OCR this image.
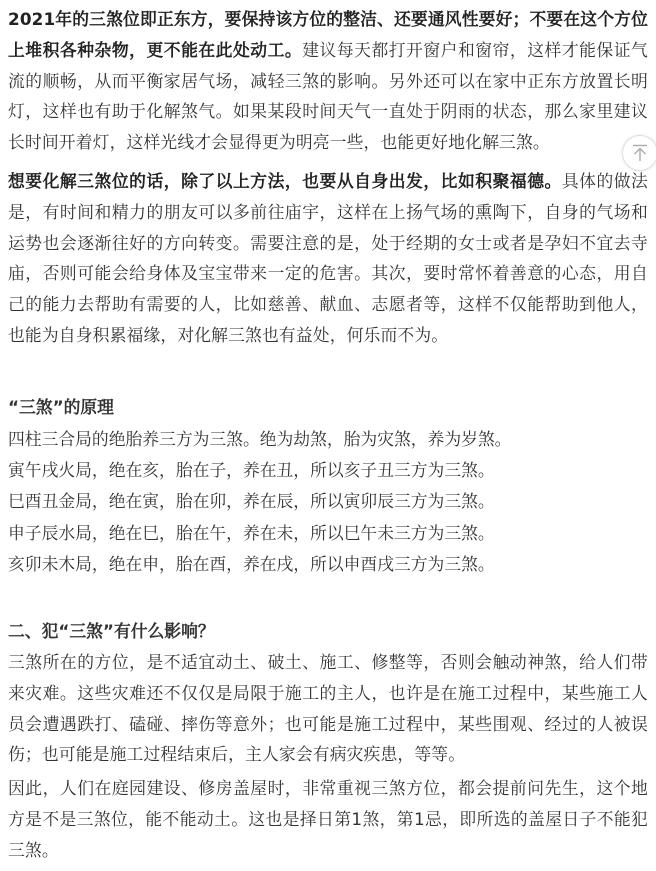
2021年的三煞位即正东方，要保持该方位的整洁、还要通风性要好；不要在这个方位上堆积各种杂物，更不能在此处动工。建议每天都打开窗户和窗帘，这样才能保证气流的顺畅，从而平衡家居气场，减轻三煞的影响。另外还可以在家中正东方放置长明灯，这样也有助于化解煞气。如果某段时间天气一直处于阴雨的状态，那么家里建议长时间开着灯，这样光线才会显得更为明亮一些，也能更好地化解三煞。

想要化解三煞位的话，除了以上方法，也要从自身出发，比如积聚福德。具体的做法是，有时间和精力的朋友可以多前往庙宇，这样在上扬气场的熏陶下，自身的气场和运势也会逐渐往好的方向转变。需要注意的是，处于经期的女士或者是孕妇不宜去寺庙，否则可能会给身体及宝宝带来一定的危害。其次，要时常怀着善意的心态，用自己的能力去帮助有需要的人，比如慈善、献血、志愿者等，这样不仅能帮助到他人，也能为自身积累福缘，对化解三煞也有益处，何乐而不为。

“三煞”的原理

四柱三合局的绝胎养三方为三煞。绝为劫煞，胎为灾煞，养为岁煞。

寅午戌火局，绝在亥，胎在子，养在丑，所以亥子丑三方为三煞。

巳酉丑金局，绝在寅，胎在卯，养在辰，所以寅卯辰三方为三煞。

申子辰水局，绝在巳，胎在午，养在未，所以巳午未三方为三煞。

亥卯未木局，绝在申，胎在酉，养在戌，所以申酉戌三方为三煞。

二、犯“三煞”有什么影响？

三煞所在的方位，是不适宜动土、破土、施工、修整等，否则会触动神煞，给人们带来灾难。这些灾难还不仅仅是局限于施工的主人，也许是在施工过程中，某些施工人员会遭遇跌打、磕碰、摔伤等意外；也可能是施工过程中，某些围观、经过的人被误伤；也可能是施工过程结束后，主人家会有病灾疾患，等等。

因此，人们在庭园建设、修房盖屋时，非常重视三煞方位，都会提前问先生，这个地方是不是三煞位，能不能动土。这也是择日第1煞，第1忌，即所选的盖屋日子不能犯三煞。
